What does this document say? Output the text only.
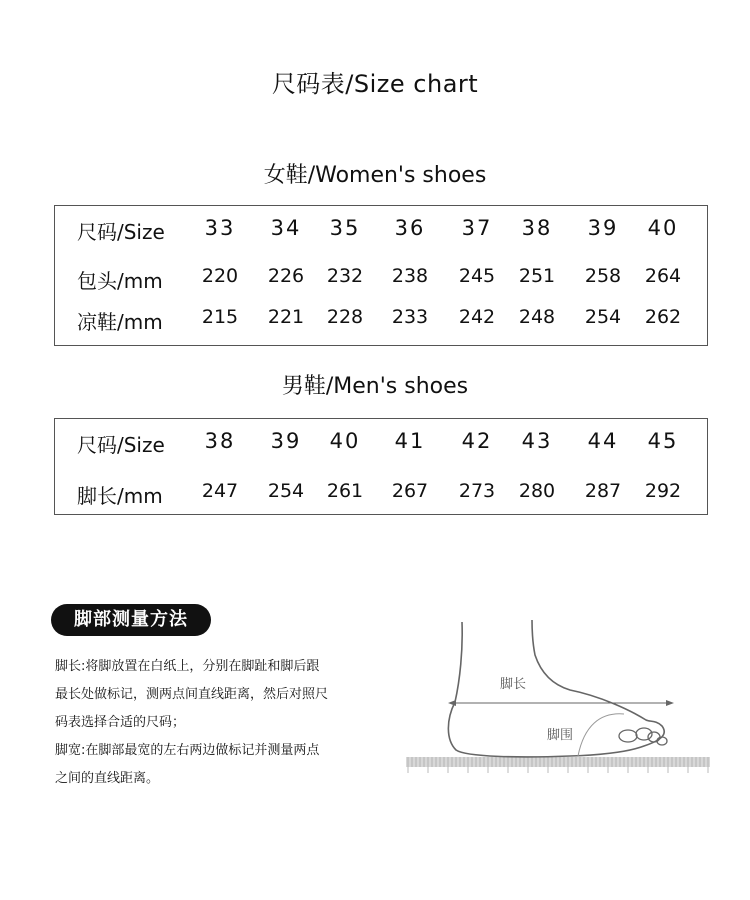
尺码表/Size chart
女鞋/Women's shoes
尺码/Size	33	34	35	36	37	38	39	40
包头/mm	220	226	232	238	245	251	258	264
凉鞋/mm	215	221	228	233	242	248	254	262
男鞋/Men's shoes
尺码/Size	38	39	40	41	42	43	44	45
脚长/mm	247	254	261	267	273	280	287	292
脚部测量方法
脚长:将脚放置在白纸上，分别在脚趾和脚后跟
最长处做标记，测两点间直线距离，然后对照尺
码表选择合适的尺码；
脚宽:在脚部最宽的左右两边做标记并测量两点
之间的直线距离。
脚长
脚围
